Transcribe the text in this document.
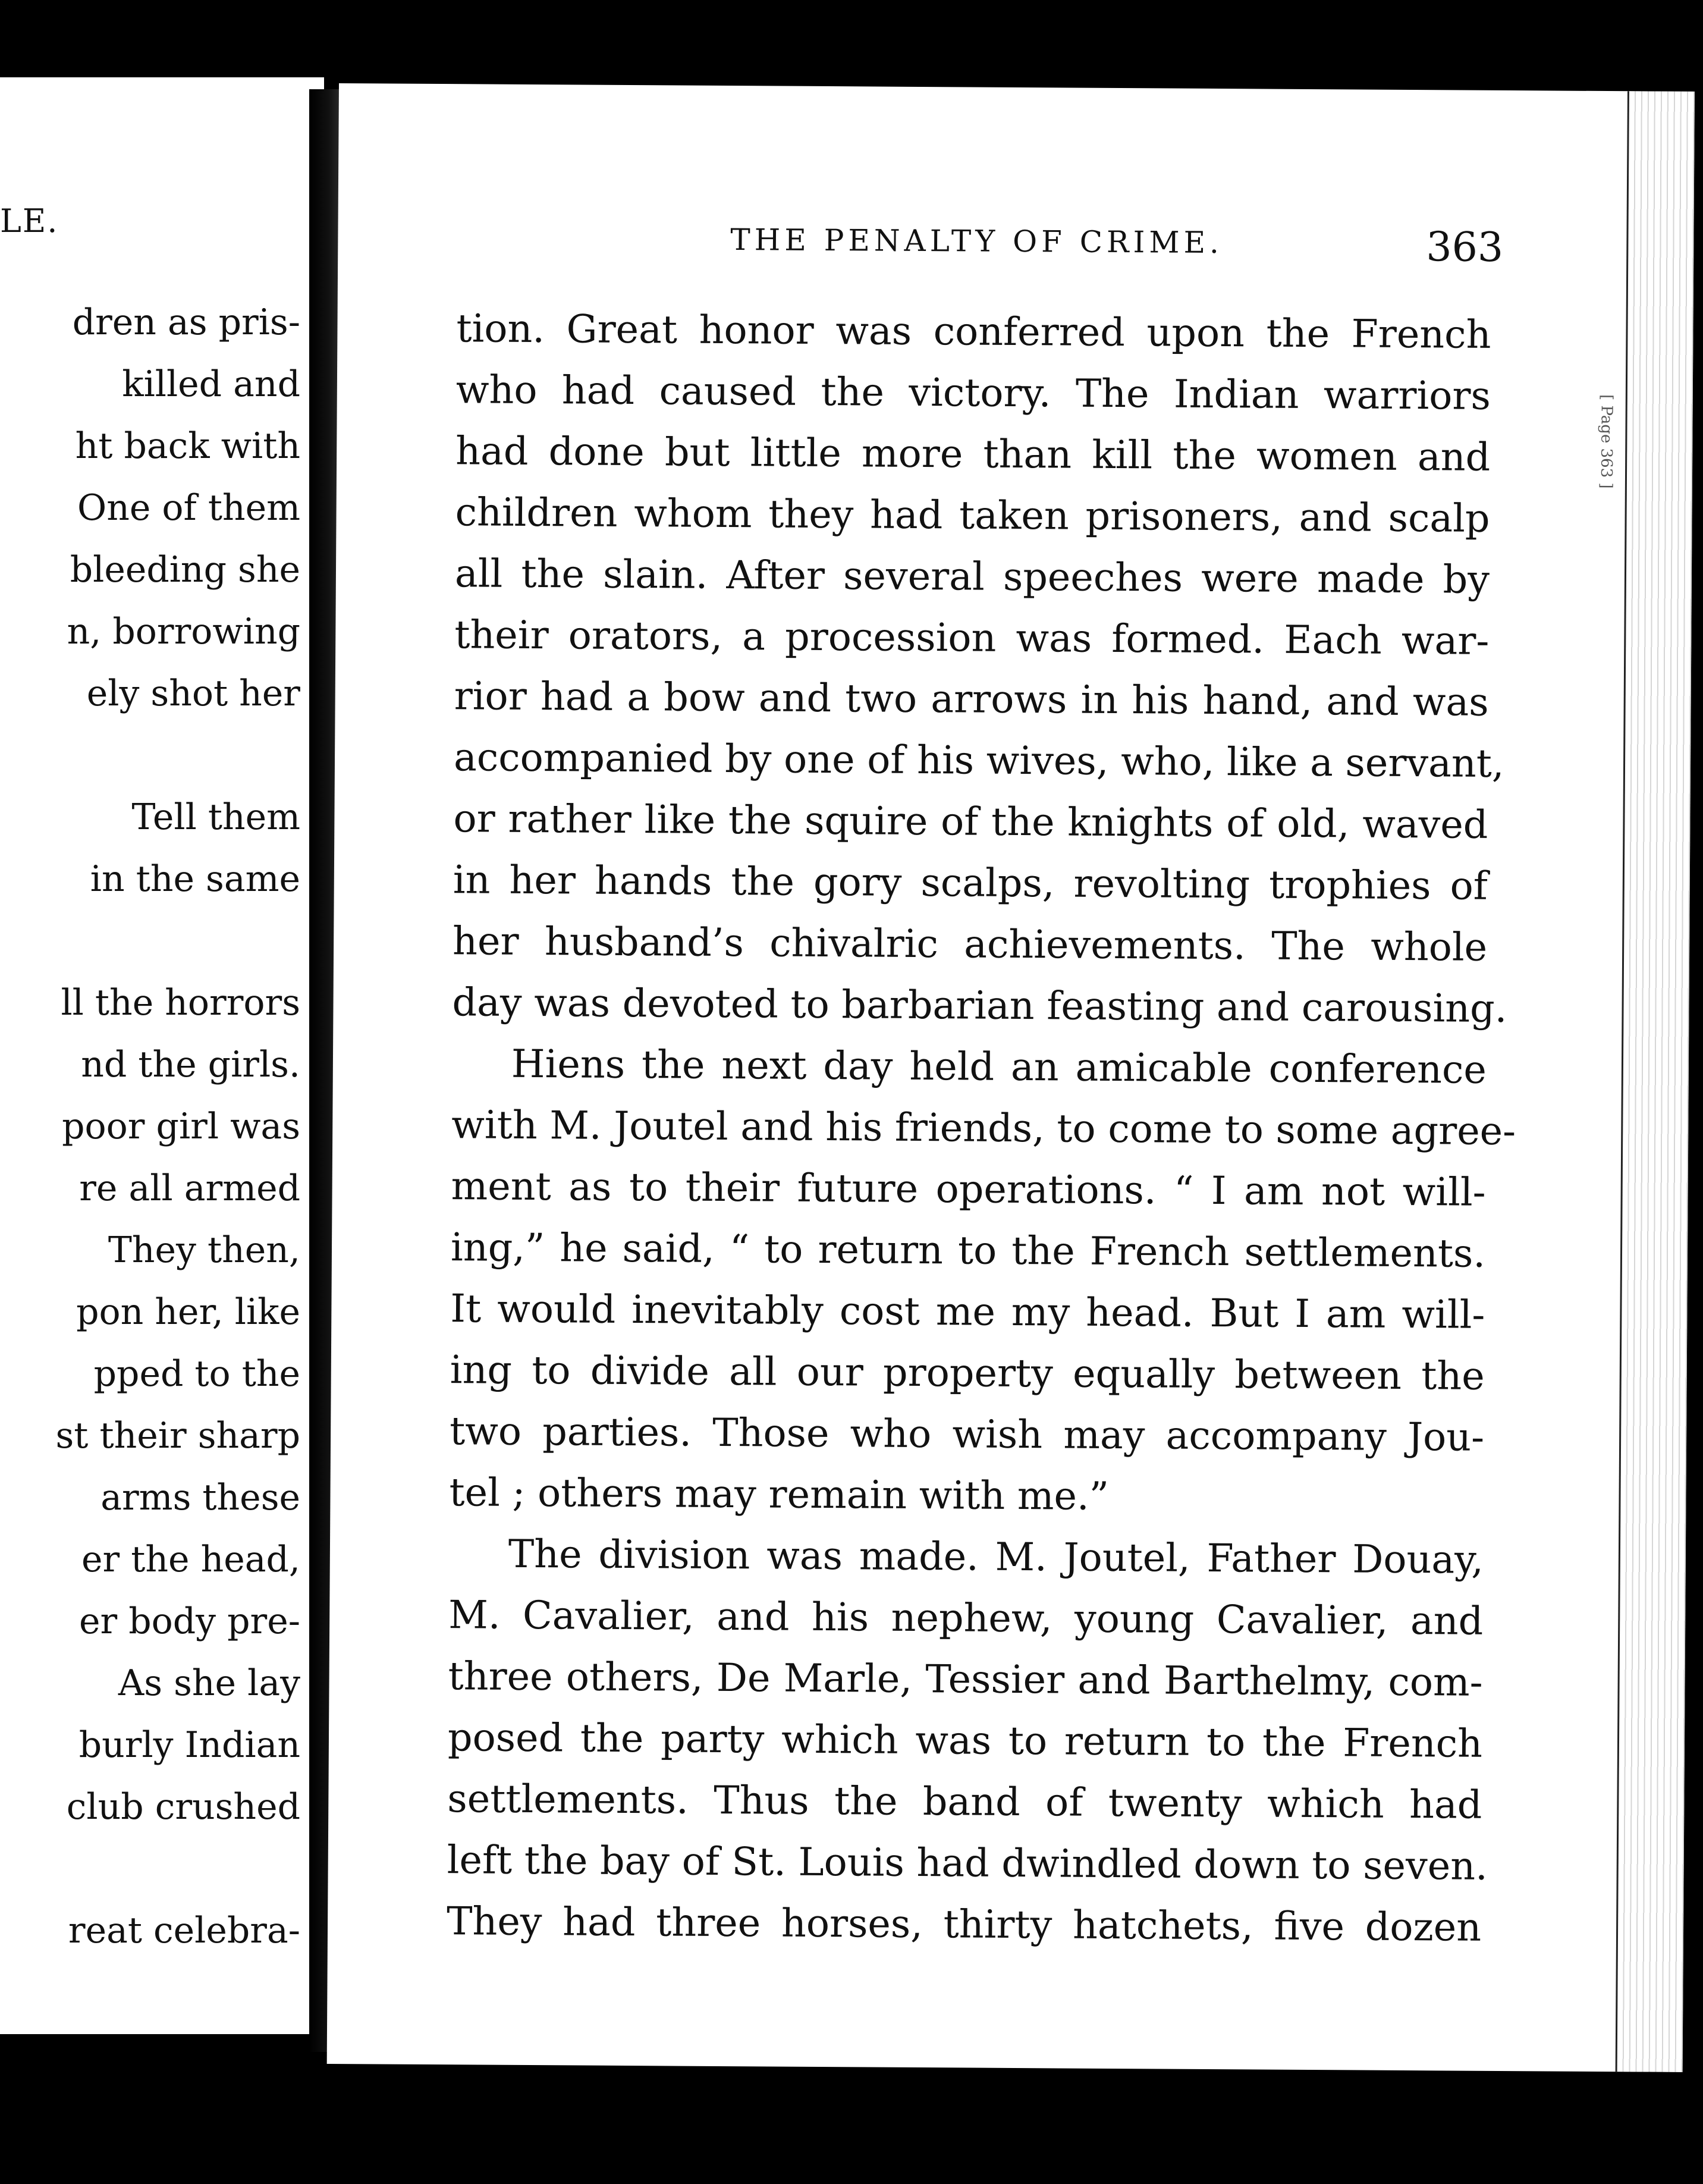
LE.
dren as pris-
killed and
ht back with
One of them
bleeding she
n, borrowing
ely shot her
Tell them
in the same
ll the horrors
nd the girls.
poor girl was
re all armed
They then,
pon her, like
pped to the
st their sharp
arms these
er the head,
er body pre-
As she lay
burly Indian
club crushed
reat celebra-
THE PENALTY OF CRIME.	363
[ Page 363 ]
tion. Great honor was conferred upon the French
who had caused the victory. The Indian warriors
had done but little more than kill the women and
children whom they had taken prisoners, and scalp
all the slain. After several speeches were made by
their orators, a procession was formed. Each war-
rior had a bow and two arrows in his hand, and was
accompanied by one of his wives, who, like a servant,
or rather like the squire of the knights of old, waved
in her hands the gory scalps, revolting trophies of
her husband’s chivalric achievements. The whole
day was devoted to barbarian feasting and carousing.
Hiens the next day held an amicable conference
with M. Joutel and his friends, to come to some agree-
ment as to their future operations. “ I am not will-
ing,” he said, “ to return to the French settlements.
It would inevitably cost me my head. But I am will-
ing to divide all our property equally between the
two parties. Those who wish may accompany Jou-
tel ; others may remain with me.”
The division was made. M. Joutel, Father Douay,
M. Cavalier, and his nephew, young Cavalier, and
three others, De Marle, Tessier and Barthelmy, com-
posed the party which was to return to the French
settlements. Thus the band of twenty which had
left the bay of St. Louis had dwindled down to seven.
They had three horses, thirty hatchets, five dozen
